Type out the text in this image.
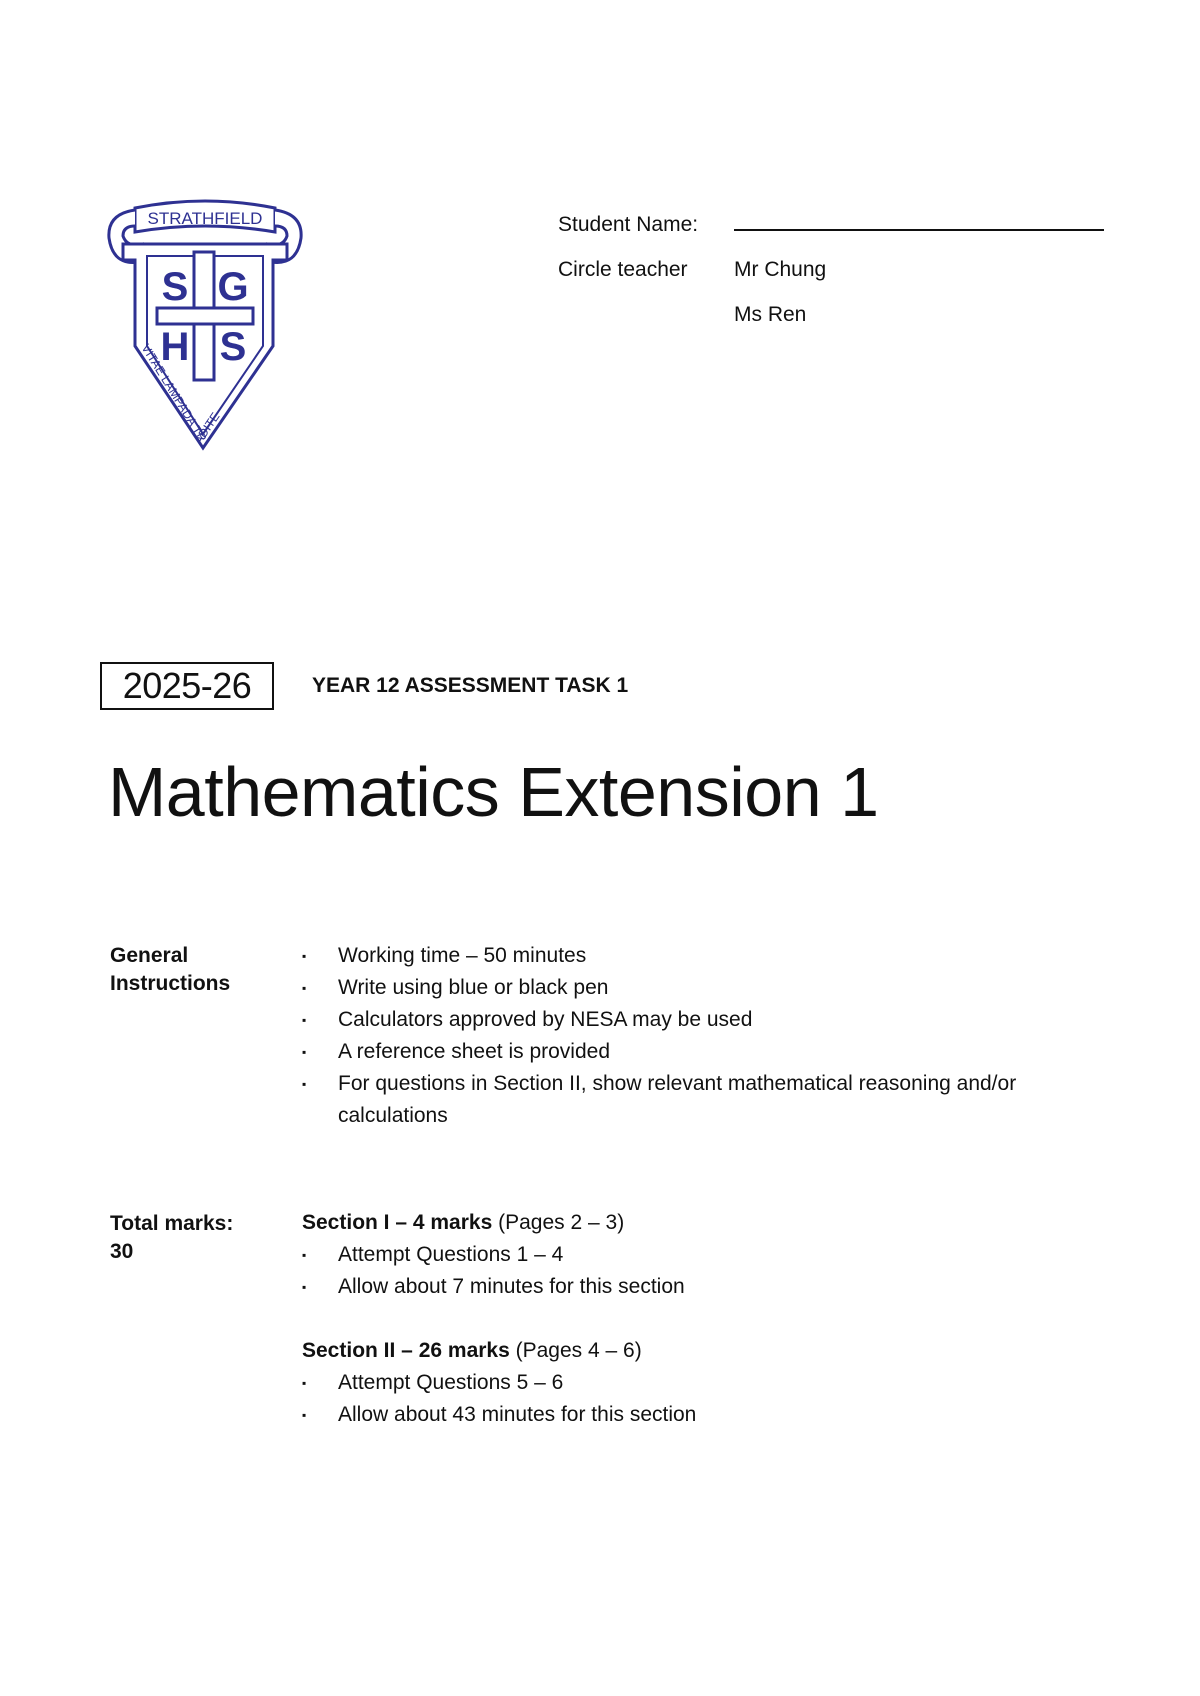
STRATHFIELD
S G
H S
VITAE LAMPADA TRADITE
Student Name:
Circle teacher	Mr Chung
Ms Ren
2025-26	YEAR 12 ASSESSMENT TASK 1
Mathematics Extension 1
General
Instructions
▪ Working time – 50 minutes
▪ Write using blue or black pen
▪ Calculators approved by NESA may be used
▪ A reference sheet is provided
▪ For questions in Section II, show relevant mathematical reasoning and/or calculations
Total marks:
30
Section I – 4 marks (Pages 2 – 3)
▪ Attempt Questions 1 – 4
▪ Allow about 7 minutes for this section
Section II – 26 marks (Pages 4 – 6)
▪ Attempt Questions 5 – 6
▪ Allow about 43 minutes for this section
